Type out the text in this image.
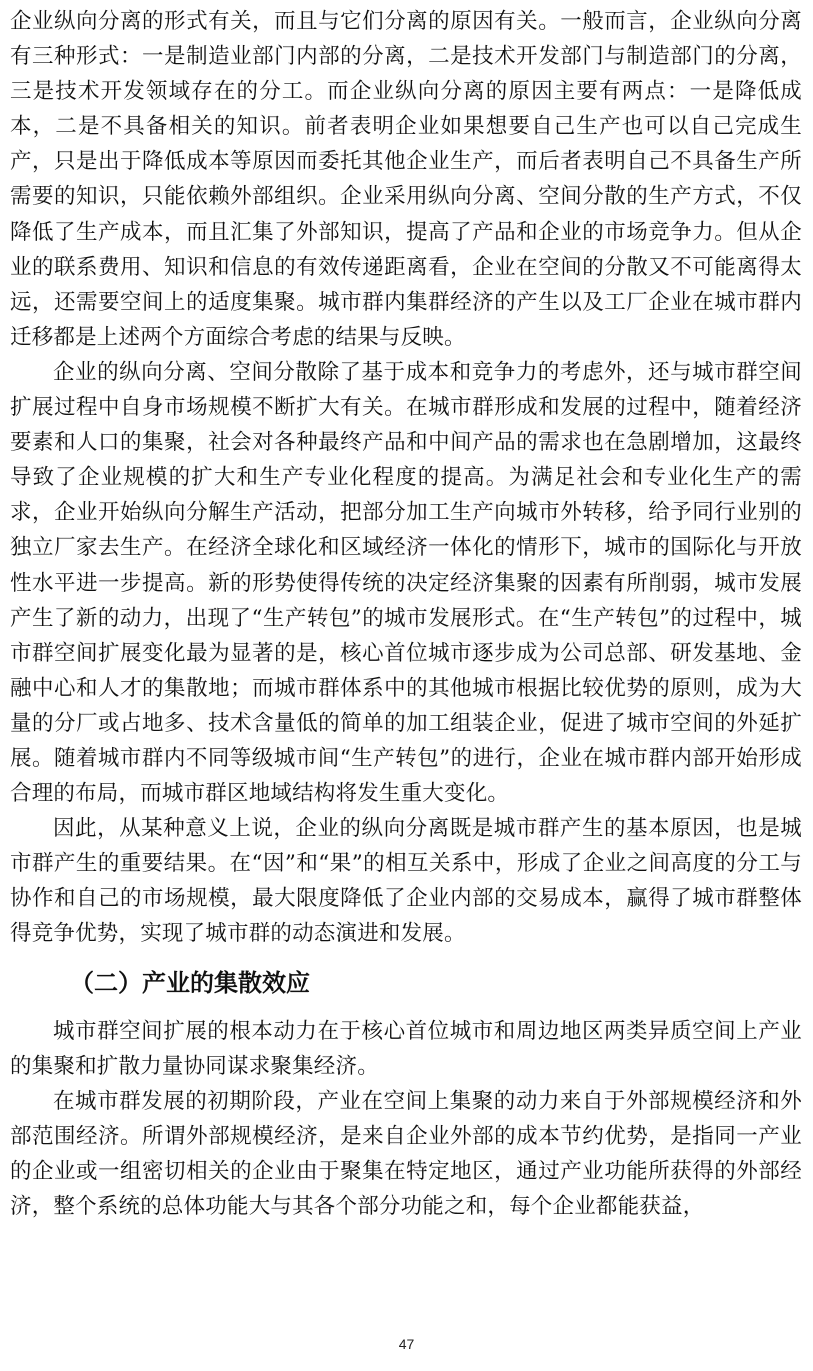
企业纵向分离的形式有关，而且与它们分离的原因有关。一般而言，企业纵向分离有三种形式：一是制造业部门内部的分离，二是技术开发部门与制造部门的分离，三是技术开发领域存在的分工。而企业纵向分离的原因主要有两点：一是降低成本，二是不具备相关的知识。前者表明企业如果想要自己生产也可以自己完成生产，只是出于降低成本等原因而委托其他企业生产，而后者表明自己不具备生产所需要的知识，只能依赖外部组织。企业采用纵向分离、空间分散的生产方式，不仅降低了生产成本，而且汇集了外部知识，提高了产品和企业的市场竞争力。但从企业的联系费用、知识和信息的有效传递距离看，企业在空间的分散又不可能离得太远，还需要空间上的适度集聚。城市群内集群经济的产生以及工厂企业在城市群内迁移都是上述两个方面综合考虑的结果与反映。

企业的纵向分离、空间分散除了基于成本和竞争力的考虑外，还与城市群空间扩展过程中自身市场规模不断扩大有关。在城市群形成和发展的过程中，随着经济要素和人口的集聚，社会对各种最终产品和中间产品的需求也在急剧增加，这最终导致了企业规模的扩大和生产专业化程度的提高。为满足社会和专业化生产的需求，企业开始纵向分解生产活动，把部分加工生产向城市外转移，给予同行业别的独立厂家去生产。在经济全球化和区域经济一体化的情形下，城市的国际化与开放性水平进一步提高。新的形势使得传统的决定经济集聚的因素有所削弱，城市发展产生了新的动力，出现了“生产转包”的城市发展形式。在“生产转包”的过程中，城市群空间扩展变化最为显著的是，核心首位城市逐步成为公司总部、研发基地、金融中心和人才的集散地；而城市群体系中的其他城市根据比较优势的原则，成为大量的分厂或占地多、技术含量低的简单的加工组装企业，促进了城市空间的外延扩展。随着城市群内不同等级城市间“生产转包”的进行，企业在城市群内部开始形成合理的布局，而城市群区地域结构将发生重大变化。

因此，从某种意义上说，企业的纵向分离既是城市群产生的基本原因，也是城市群产生的重要结果。在“因”和“果”的相互关系中，形成了企业之间高度的分工与协作和自己的市场规模，最大限度降低了企业内部的交易成本，赢得了城市群整体得竞争优势，实现了城市群的动态演进和发展。

（二）产业的集散效应

城市群空间扩展的根本动力在于核心首位城市和周边地区两类异质空间上产业的集聚和扩散力量协同谋求聚集经济。

在城市群发展的初期阶段，产业在空间上集聚的动力来自于外部规模经济和外部范围经济。所谓外部规模经济，是来自企业外部的成本节约优势，是指同一产业的企业或一组密切相关的企业由于聚集在特定地区，通过产业功能所获得的外部经济，整个系统的总体功能大与其各个部分功能之和，每个企业都能获益，

47
